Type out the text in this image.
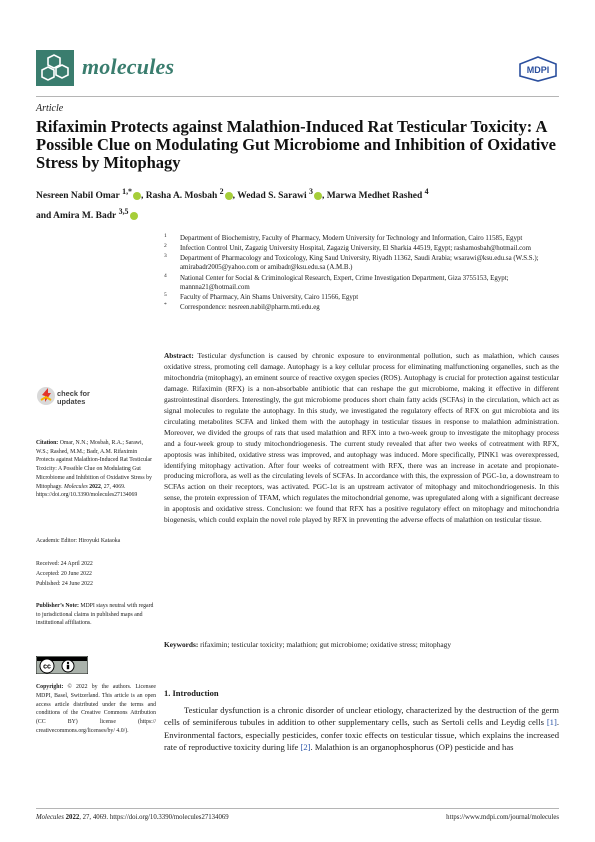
molecules	MDPI
Article
Rifaximin Protects against Malathion-Induced Rat Testicular Toxicity: A Possible Clue on Modulating Gut Microbiome and Inhibition of Oxidative Stress by Mitophagy
Nesreen Nabil Omar $^{1,*}$ , Rasha A. Mosbah $^2$ , Wedad S. Sarawi $^3$ , Marwa Medhet Rashed $^4$
and Amira M. Badr $^{3,5}$
1 Department of Biochemistry, Faculty of Pharmacy, Modern University for Technology and Information, Cairo 11585, Egypt
2 Infection Control Unit, Zagazig University Hospital, Zagazig University, El Sharkia 44519, Egypt; rashamosbah@hotmail.com
3 Department of Pharmacology and Toxicology, King Saud University, Riyadh 11362, Saudi Arabia; wsarawi@ksu.edu.sa (W.S.S.); amirabadr2005@yahoo.com or amibadr@ksu.edu.sa (A.M.B.)
4 National Center for Social & Criminological Research, Expert, Crime Investigation Department, Giza 3755153, Egypt; mannna21@hotmail.com
5 Faculty of Pharmacy, Ain Shams University, Cairo 11566, Egypt
* Correspondence: nesreen.nabil@pharm.mti.edu.eg
Abstract: Testicular dysfunction is caused by chronic exposure to environmental pollution, such as malathion, which causes oxidative stress, promoting cell damage. Autophagy is a key cellular process for eliminating malfunctioning organelles, such as the mitochondria (mitophagy), an eminent source of reactive oxygen species (ROS). Autophagy is crucial for protection against testicular damage. Rifaximin (RFX) is a non-absorbable antibiotic that can reshape the gut microbiome, making it effective in different gastrointestinal disorders. Interestingly, the gut microbiome produces short chain fatty acids (SCFAs) in the circulation, which act as signal molecules to regulate the autophagy. In this study, we investigated the regulatory effects of RFX on gut microbiota and its circulating metabolites SCFA and linked them with the autophagy in testicular tissues in response to malathion administration. Moreover, we divided the groups of rats that used malathion and RFX into a two-week group to investigate the mitophagy process and a four-week group to study mitochondriogenesis. The current study revealed that after two weeks of cotreatment with RFX, apoptosis was inhibited, oxidative stress was improved, and autophagy was induced. More specifically, PINK1 was overexpressed, identifying mitophagy activation. After four weeks of cotreatment with RFX, there was an increase in acetate and propionate-producing microflora, as well as the circulating levels of SCFAs. In accordance with this, the expression of PGC-1α, a downstream to SCFAs action on their receptors, was activated. PGC-1α is an upstream activator of mitophagy and mitochondriogenesis. In this sense, the protein expression of TFAM, which regulates the mitochondrial genome, was upregulated along with a significant decrease in apoptosis and oxidative stress. Conclusion: we found that RFX has a positive regulatory effect on mitophagy and mitochondria biogenesis, which could explain the novel role played by RFX in preventing the adverse effects of malathion on testicular tissue.
Keywords: rifaximin; testicular toxicity; malathion; gut microbiome; oxidative stress; mitophagy
1. Introduction

Testicular dysfunction is a chronic disorder of unclear etiology, characterized by the destruction of the germ cells of seminiferous tubules in addition to other supplementary cells, such as Sertoli cells and Leydig cells [1]. Environmental factors, especially pesticides, confer toxic effects on testicular tissue, which explains the increased rate of reproductive toxicity during life [2]. Malathion is an organophosphorus (OP) pesticide and has

check for
updates
Citation: Omar, N.N.; Mosbah, R.A.; Sarawi, W.S.; Rashed, M.M.; Badr, A.M. Rifaximin Protects against Malathion-Induced Rat Testicular Toxicity: A Possible Clue on Modulating Gut Microbiome and Inhibition of Oxidative Stress by Mitophagy. Molecules 2022, 27, 4069. https://doi.org/10.3390/molecules27134069
Academic Editor: Hiroyuki Kataoka
Received: 24 April 2022
Accepted: 20 June 2022
Published: 24 June 2022
Publisher’s Note: MDPI stays neutral with regard to jurisdictional claims in published maps and institutional affiliations.
cc
Copyright: © 2022 by the authors. Licensee MDPI, Basel, Switzerland. This article is an open access article distributed under the terms and conditions of the Creative Commons Attribution (CC BY) license (https:// creativecommons.org/licenses/by/ 4.0/).
Molecules 2022, 27, 4069. https://doi.org/10.3390/molecules27134069	https://www.mdpi.com/journal/molecules
